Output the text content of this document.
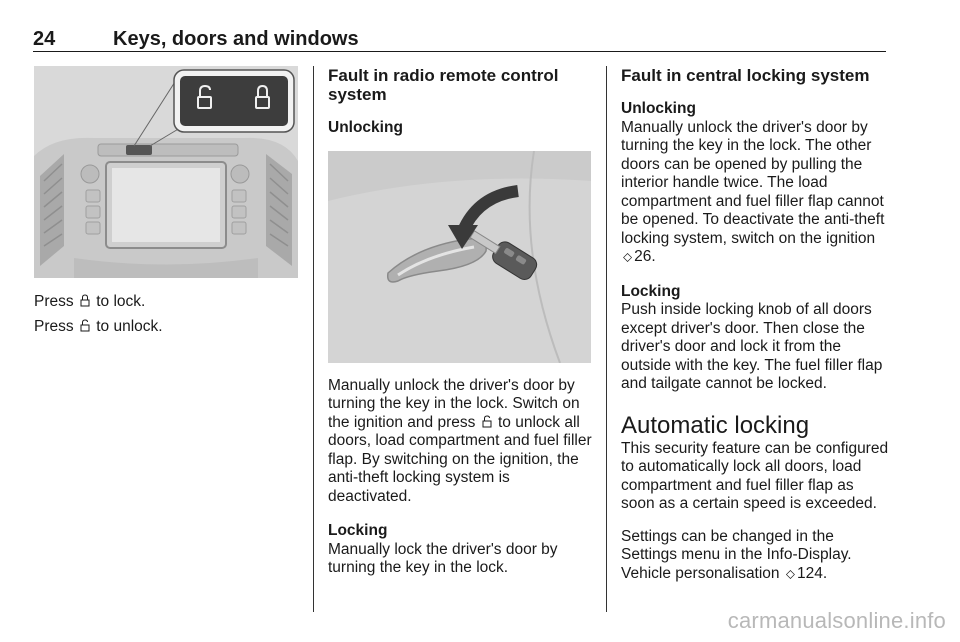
24	Keys, doors and windows
Press to lock.
Press to unlock.
Fault in radio remote control system
Unlocking
Manually unlock the driver's door by turning the key in the lock. Switch on the ignition and press to unlock all doors, load compartment and fuel filler flap. By switching on the ignition, the anti-theft locking system is deactivated.
Locking
Manually lock the driver's door by turning the key in the lock.
Fault in central locking system
Unlocking
Manually unlock the driver's door by turning the key in the lock. The other doors can be opened by pulling the interior handle twice. The load compartment and fuel filler flap cannot be opened. To deactivate the anti-theft locking system, switch on the ignition ⬦ 26.
Locking
Push inside locking knob of all doors except driver's door. Then close the driver's door and lock it from the outside with the key. The fuel filler flap and tailgate cannot be locked.
Automatic locking
This security feature can be configured to automatically lock all doors, load compartment and fuel filler flap as soon as a certain speed is exceeded.
Settings can be changed in the Settings menu in the Info-Display. Vehicle personalisation ⬦ 124.
carmanualsonline.info
